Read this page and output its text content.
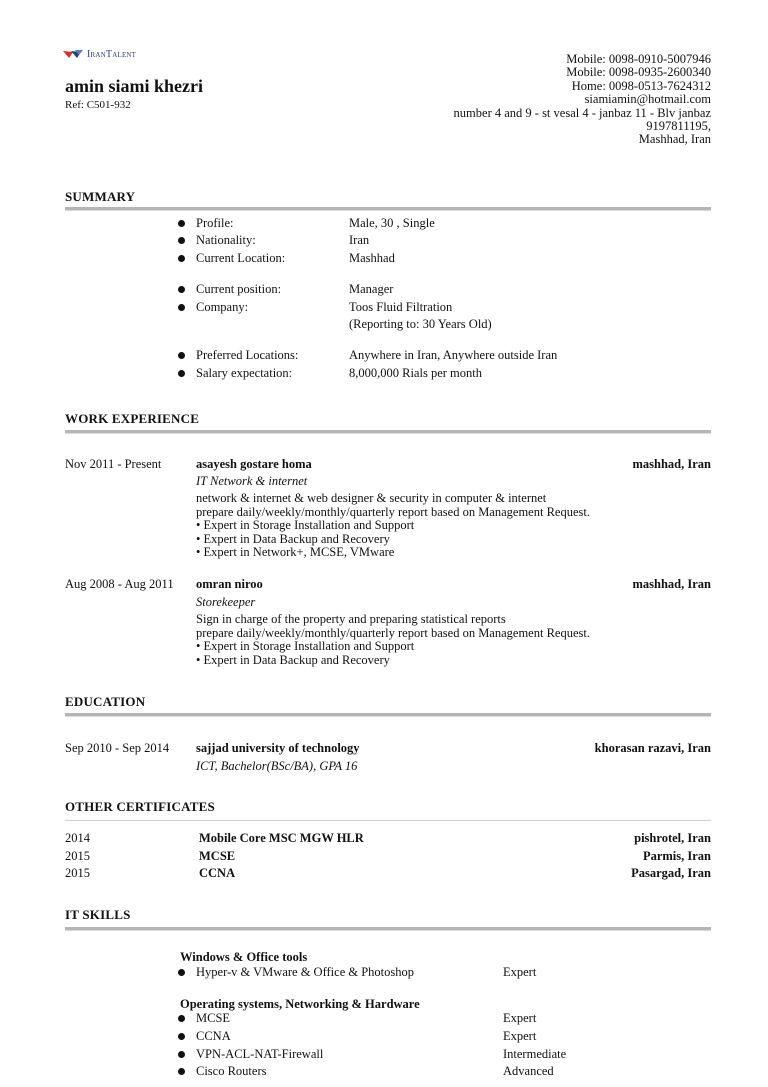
IranTalent
amin siami khezri
Ref: C501-932
Mobile: 0098-0910-5007946
Mobile: 0098-0935-2600340
Home: 0098-0513-7624312
siamiamin@hotmail.com
number 4 and 9 - st vesal 4 - janbaz 11 - Blv janbaz
9197811195,
Mashhad, Iran
SUMMARY
Profile:	Male, 30 , Single
Nationality:	Iran
Current Location:	Mashhad
Current position:	Manager
Company:	Toos Fluid Filtration
(Reporting to: 30 Years Old)
Preferred Locations:	Anywhere in Iran, Anywhere outside Iran
Salary expectation:	8,000,000 Rials per month
WORK EXPERIENCE
Nov 2011 - Present	asayesh gostare homa	mashhad, Iran
IT Network & internet
network & internet & web designer & security in computer & internet
prepare daily/weekly/monthly/quarterly report based on Management Request.
• Expert in Storage Installation and Support
• Expert in Data Backup and Recovery
• Expert in Network+, MCSE, VMware
Aug 2008 - Aug 2011 omran niroo	mashhad, Iran
Storekeeper
Sign in charge of the property and preparing statistical reports
prepare daily/weekly/monthly/quarterly report based on Management Request.
• Expert in Storage Installation and Support
• Expert in Data Backup and Recovery
EDUCATION
Sep 2010 - Sep 2014 sajjad university of technology	khorasan razavi, Iran
ICT, Bachelor(BSc/BA), GPA 16
OTHER CERTIFICATES
2014	Mobile Core MSC MGW HLR	pishrotel, Iran
2015	MCSE	Parmis, Iran
2015	CCNA	Pasargad, Iran
IT SKILLS
Windows & Office tools
Hyper-v & VMware & Office & Photoshop	Expert
Operating systems, Networking & Hardware
MCSE	Expert
CCNA	Expert
VPN-ACL-NAT-Firewall	Intermediate
Cisco Routers	Advanced
